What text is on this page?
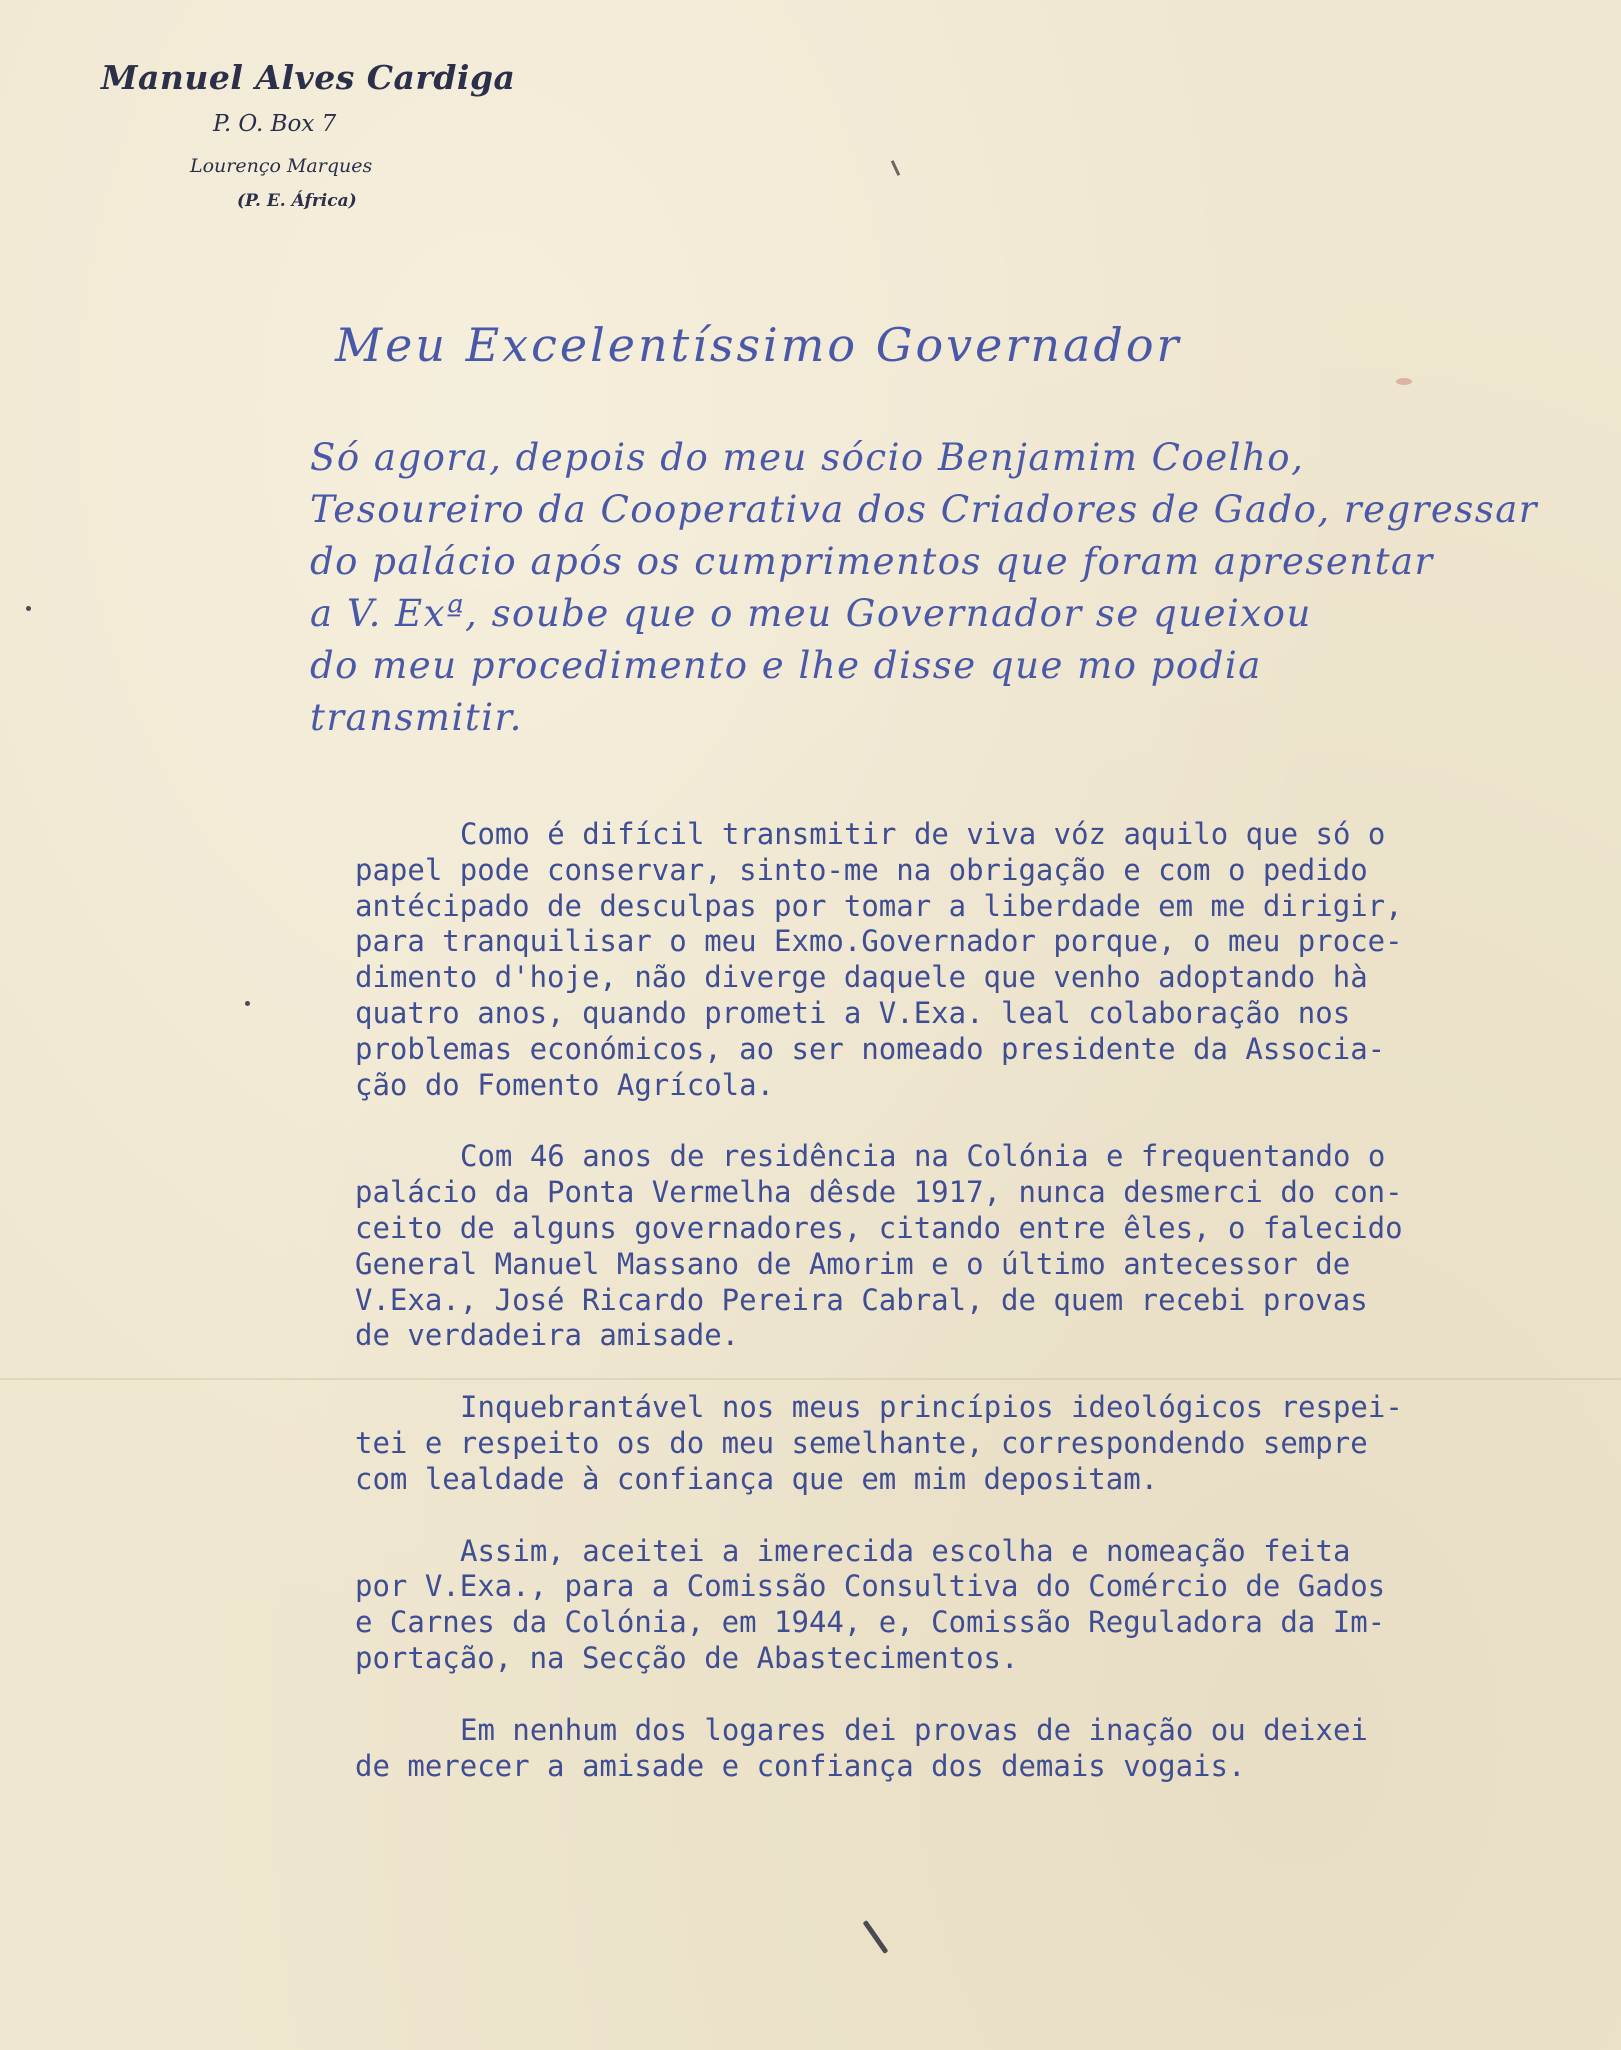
Manuel Alves Cardiga
P. O. Box 7
Lourenço Marques
(P. E. África)
Meu Excelentíssimo Governador
Só agora, depois do meu sócio Benjamim Coelho,
Tesoureiro da Cooperativa dos Criadores de Gado, regressar
do palácio após os cumprimentos que foram apresentar
a V. Exª, soube que o meu Governador se queixou
do meu procedimento e lhe disse que mo podia
transmitir.
Como é difícil transmitir de viva vóz aquilo que só o
papel pode conservar, sinto-me na obrigação e com o pedido
antécipado de desculpas por tomar a liberdade em me dirigir,
para tranquilisar o meu Exmo.Governador porque, o meu proce-
dimento d'hoje, não diverge daquele que venho adoptando hà
quatro anos, quando prometi a V.Exa. leal colaboração nos
problemas económicos, ao ser nomeado presidente da Associa-
ção do Fomento Agrícola.
Com 46 anos de residência na Colónia e frequentando o
palácio da Ponta Vermelha dêsde 1917, nunca desmerci do con-
ceito de alguns governadores, citando entre êles, o falecido
General Manuel Massano de Amorim e o último antecessor de
V.Exa., José Ricardo Pereira Cabral, de quem recebi provas
de verdadeira amisade.
Inquebrantável nos meus princípios ideológicos respei-
tei e respeito os do meu semelhante, correspondendo sempre
com lealdade à confiança que em mim depositam.
Assim, aceitei a imerecida escolha e nomeação feita
por V.Exa., para a Comissão Consultiva do Comércio de Gados
e Carnes da Colónia, em 1944, e, Comissão Reguladora da Im-
portação, na Secção de Abastecimentos.
Em nenhum dos logares dei provas de inação ou deixei
de merecer a amisade e confiança dos demais vogais.
